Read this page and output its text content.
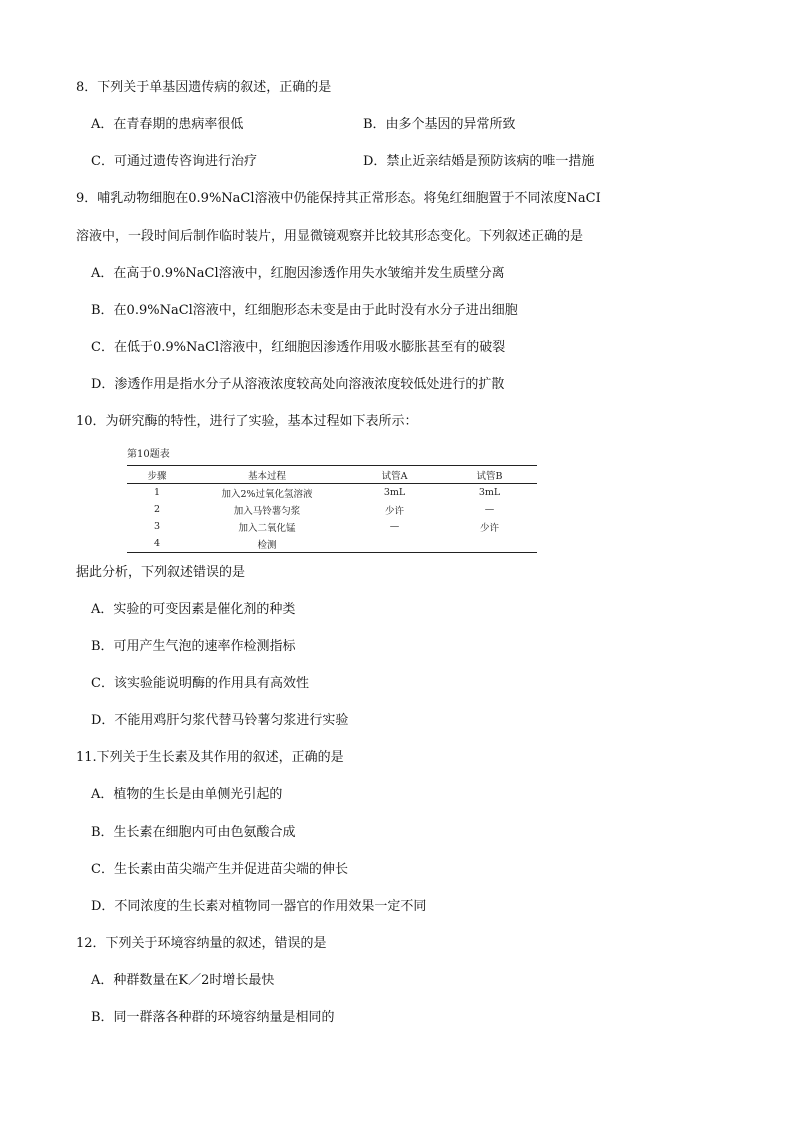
8．下列关于单基因遗传病的叙述，正确的是
A．在青春期的患病率很低	B．由多个基因的异常所致
C．可通过遗传咨询进行治疗	D．禁止近亲结婚是预防该病的唯一措施
9．哺乳动物细胞在0.9%NaCl溶液中仍能保持其正常形态。将兔红细胞置于不同浓度NaCI
溶液中，一段时间后制作临时装片，用显微镜观察并比较其形态变化。下列叙述正确的是
A．在高于0.9%NaCl溶液中，红胞因渗透作用失水皱缩并发生质壁分离
B．在0.9%NaCl溶液中，红细胞形态未变是由于此时没有水分子进出细胞
C．在低于0.9%NaCl溶液中，红细胞因渗透作用吸水膨胀甚至有的破裂
D．渗透作用是指水分子从溶液浓度较高处向溶液浓度较低处进行的扩散
10．为研究酶的特性，进行了实验，基本过程如下表所示：
第10题表
步骤	基本过程	试管A	试管B
1	加入2%过氧化氢溶液	3mL	3mL
2	加入马铃薯匀浆	少许	—
3	加入二氧化锰	—	少许
4	检测		
据此分析，下列叙述错误的是
A．实验的可变因素是催化剂的种类
B．可用产生气泡的速率作检测指标
C．该实验能说明酶的作用具有高效性
D．不能用鸡肝匀浆代替马铃薯匀浆进行实验
11.下列关于生长素及其作用的叙述，正确的是
A．植物的生长是由单侧光引起的
B．生长素在细胞内可由色氨酸合成
C．生长素由苗尖端产生并促进苗尖端的伸长
D．不同浓度的生长素对植物同一器官的作用效果一定不同
12．下列关于环境容纳量的叙述，错误的是
A．种群数量在K／2时增长最快
B．同一群落各种群的环境容纳量是相同的
